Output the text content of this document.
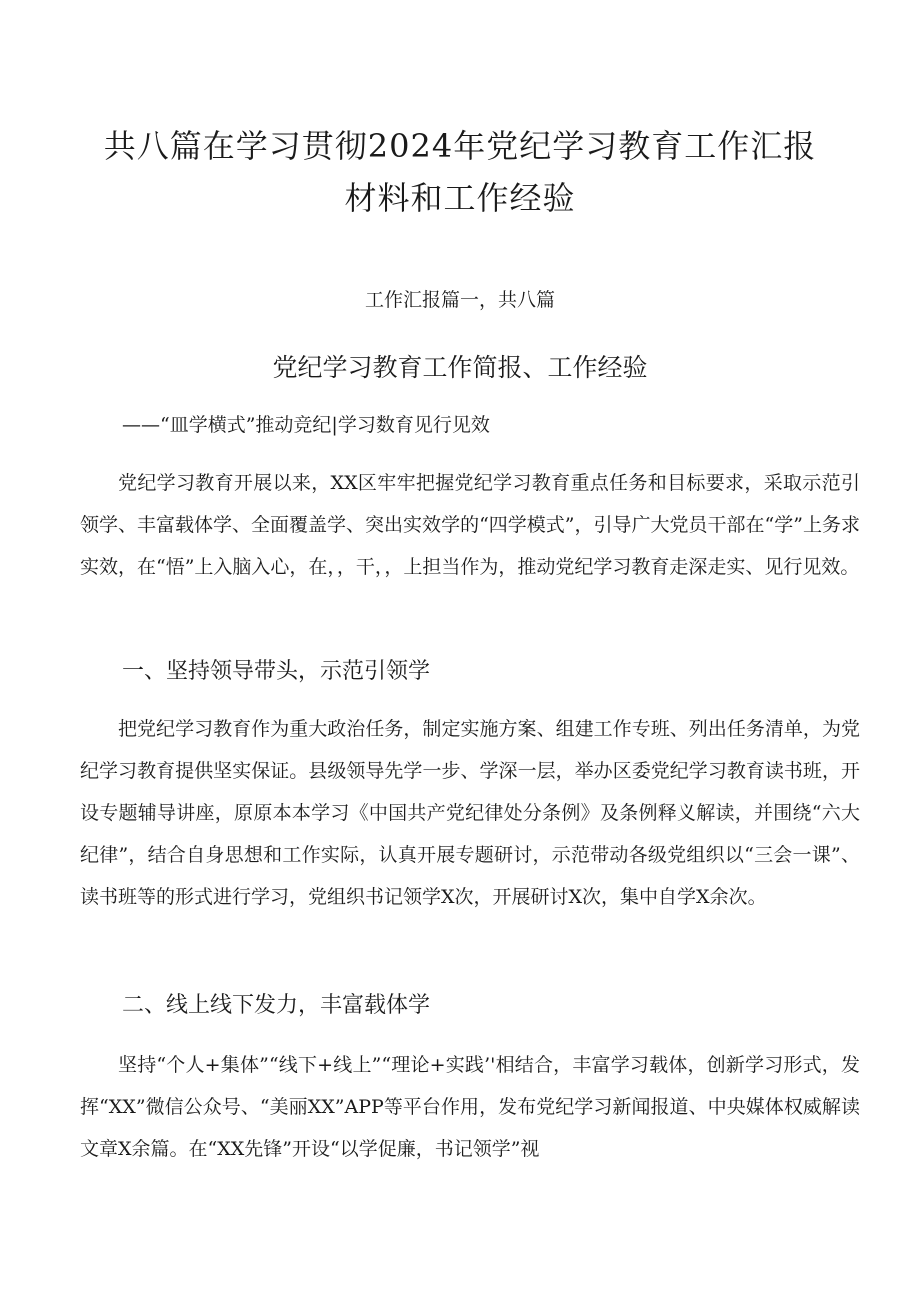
共八篇在学习贯彻2024年党纪学习教育工作汇报材料和工作经验
工作汇报篇一，共八篇
党纪学习教育工作简报、工作经验
——“皿学横式”推动竞纪|学习数育见行见效

党纪学习教育开展以来，XX区牢牢把握党纪学习教育重点任务和目标要求，采取示范引领学、丰富载体学、全面覆盖学、突出实效学的“四学模式”，引导广大党员干部在“学”上务求实效，在“悟”上入脑入心，在，，干，，上担当作为，推动党纪学习教育走深走实、见行见效。

一、坚持领导带头，示范引领学

把党纪学习教育作为重大政治任务，制定实施方案、组建工作专班、列出任务清单，为党纪学习教育提供坚实保证。县级领导先学一步、学深一层，举办区委党纪学习教育读书班，开设专题辅导讲座，原原本本学习《中国共产党纪律处分条例》及条例释义解读，并围绕“六大纪律”，结合自身思想和工作实际，认真开展专题研讨，示范带动各级党组织以“三会一课”、读书班等的形式进行学习，党组织书记领学X次，开展研讨X次，集中自学X余次。

二、线上线下发力，丰富载体学

坚持“个人+集体”“线下+线上”“理论+实践’'相结合，丰富学习载体，创新学习形式，发挥“XX”微信公众号、“美丽XX”APP等平台作用，发布党纪学习新闻报道、中央媒体权威解读文章X余篇。在“XX先锋”开设“以学促廉，书记领学”视
